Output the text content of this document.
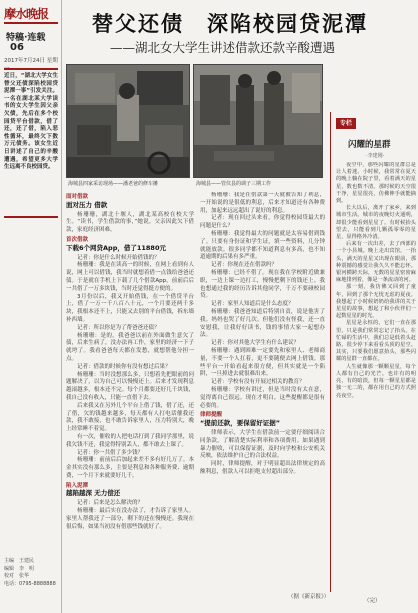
摩水晚报
特稿·连载
06
2017年7月24日 星期一
近日，“湖北大学女生替父还债深陷校园贷泥潭一事”引发关注。一名在湖北某大学读书的女大学生因父亲欠债，先后在多个校园贷平台借款，借了还，还了借，陷入恶性循环，最终欠下数万元债务。该女生近日讲述了自己的辛酸遭遇，希望更多大学生远离不良校园贷。
主编　王建民
编辑　李　明
校对　张华
电话：0795-8888888
替父还债　深陷校园贷泥潭
——湖北女大学生讲述借款还款辛酸遭遇
海城县四家采访现场——潘老爸的修车摊	海城县——管仪县的调子三期工作
面对借款
面对压力 借款

杨珊珊，湖北十堰人，湖北某高校在校大学生。“读书，学生借款的事，”她说。父亲因此欠下借款，家庭经济困难。

首次借款
下载6个网贷App，借了11880元

记者：你是什么时候开始借钱的？

杨珊珊：我是在读高一的时候，在网上看到有人说，网上可以借钱，我当时就想着借一点钱给爸爸还债。于是就在手机上下载了几个借款App，前前后后一共借了一万多块钱，当时还觉得挺方便的。

3月份以后，我又开始借钱，在一个借贷平台上，借了一万一千八百八十元，一个月要还两千多块，我根本还不上，只能又去别的平台借钱，拆东墙补西墙。

记者：所以你是为了帮爸爸还债？

杨珊珊：是的。我爸爸以前在外面做生意欠了债，后来生病了，没办法再工作，家里的经济一下子就垮了。我看爸爸每天都在发愁，就想帮他分担一点。

记者：借款的时候你有没有想过后果？

杨珊珊：当时没想那么多，只想着先把眼前的问题解决了，以为自己可以慢慢还上。后来才发现利息越滚越多，根本还不完。每个月都要还好几千块钱，我自己没有收入，只能一直借下去。

后来我又在另外几个平台上借了钱，借了还，还了借，欠的钱越来越多，每天都有人打电话催我还款，我不敢接，也不敢告诉家里人，压力特别大，晚上经常睡不着觉。

有一次，催收的人把电话打到了我同学那里，说我欠钱不还，我觉得特别丢人，都不敢去上课了。

记者：你一共借了多少钱？

杨珊珊：前前后后加起来差不多有好几万了。本金其实没有那么多，主要是利息和各种服务费、逾期费，一个月下来就要好几千。

陷入泥潭
越陷越深 无力偿还

记者：后来是怎么解决的？

杨珊珊：最后实在没办法了，才告诉了家里人。家里人帮我还了一部分，剩下的还在慢慢还。我现在很后悔，如果当初没有借那些钱就好了。

杨珊珊：我是在借款第一天就被告知了利息，一开始说的是很低的利息，后来才知道还有各种费用，加起来远远超出了说好的利息。

记者：现在回过头来看，你觉得校园贷最大的问题是什么？

杨珊珊：我觉得最大的问题就是太容易借到钱了。只要有身份证和学生证，填一些资料，几分钟就能放款。很多同学都不知道利息有多高，也不知道逾期的后果有多严重。

记者：你现在还在借款吗？

杨珊珊：已经不借了。现在我在学校附近做兼职，一边上课一边打工，慢慢把剩下的钱还上。我也想通过我的经历告诉其他同学，千万不要碰校园贷。

记者：家里人知道后是什么态度？

杨珊珊：我爸爸知道后特别自责，说是他害了我。妈妈也哭了好几次。但他们没有怪我，还一直安慰我，让我好好读书，钱的事情大家一起想办法。

记者：你对其他大学生有什么建议？

杨珊珊：遇到困难一定要先和家里人、老师商量，不要一个人扛着，更不要随便去网上借钱。那些平台一开始看起来很方便，但其实就是一个陷阱，一旦掉进去就很难出来。

记者：学校有没有开展过相关的教育？

杨珊珊：学校有讲过，但是当时没有太在意，觉得离自己很远。现在才明白，这些提醒都是很有必要的。

律师提醒
“提前还款，要保留好证据”

律师表示，大学生在借款前一定要仔细阅读合同条款，了解清楚实际利率和各项费用。如果遇到暴力催收，可以保留证据，及时向学校和公安机关反映，依法维护自己的合法权益。

同时，律师提醒，对于明显超出法律规定的高额利息，借款人可以拒绝支付超出部分。

专栏
闪耀的星群
·李建刚·

夜空中，那些闪耀的星群总是让人着迷。小时候，我常常在夏天的晚上躺在院子里，看着满天的星星，数也数不清。那时候的天空很干净，星星很亮，仿佛伸手就能摘到。

长大以后，离开了家乡，来到城市生活。城市的夜晚灯火通明，却很少能看到星星了。有时候抬头望去，只能看到几颗孤零零的星星，显得格外冷清。

后来有一次出差，去了西部的一个小县城。晚上走出宾馆，一抬头，满天的星星又出现在眼前，那种震撼的感觉让我久久不能忘怀。银河横跨天际，无数的星星密密麻麻地排列着，像是一条流动的河。

那一刻，我仿佛又回到了童年，回到了那个无忧无虑的夏夜。我想起了小时候奶奶给我讲的关于星星的故事，想起了和小伙伴们一起数星星的时光。

星星是永恒的，它们一直在那里，只是我们常常忘记了抬头。在忙碌的生活中，我们总是低着头赶路，很少停下来看看头顶的星空。其实，只要我们愿意抬头，那些闪耀的星群一直都在。

人生就像那一颗颗星星，每个人都有自己的光芒。也许有的明亮，有的暗淡，但每一颗星星都是独一无二的，都在用自己的方式照亮夜空。

（据《新京报》）
（完）
